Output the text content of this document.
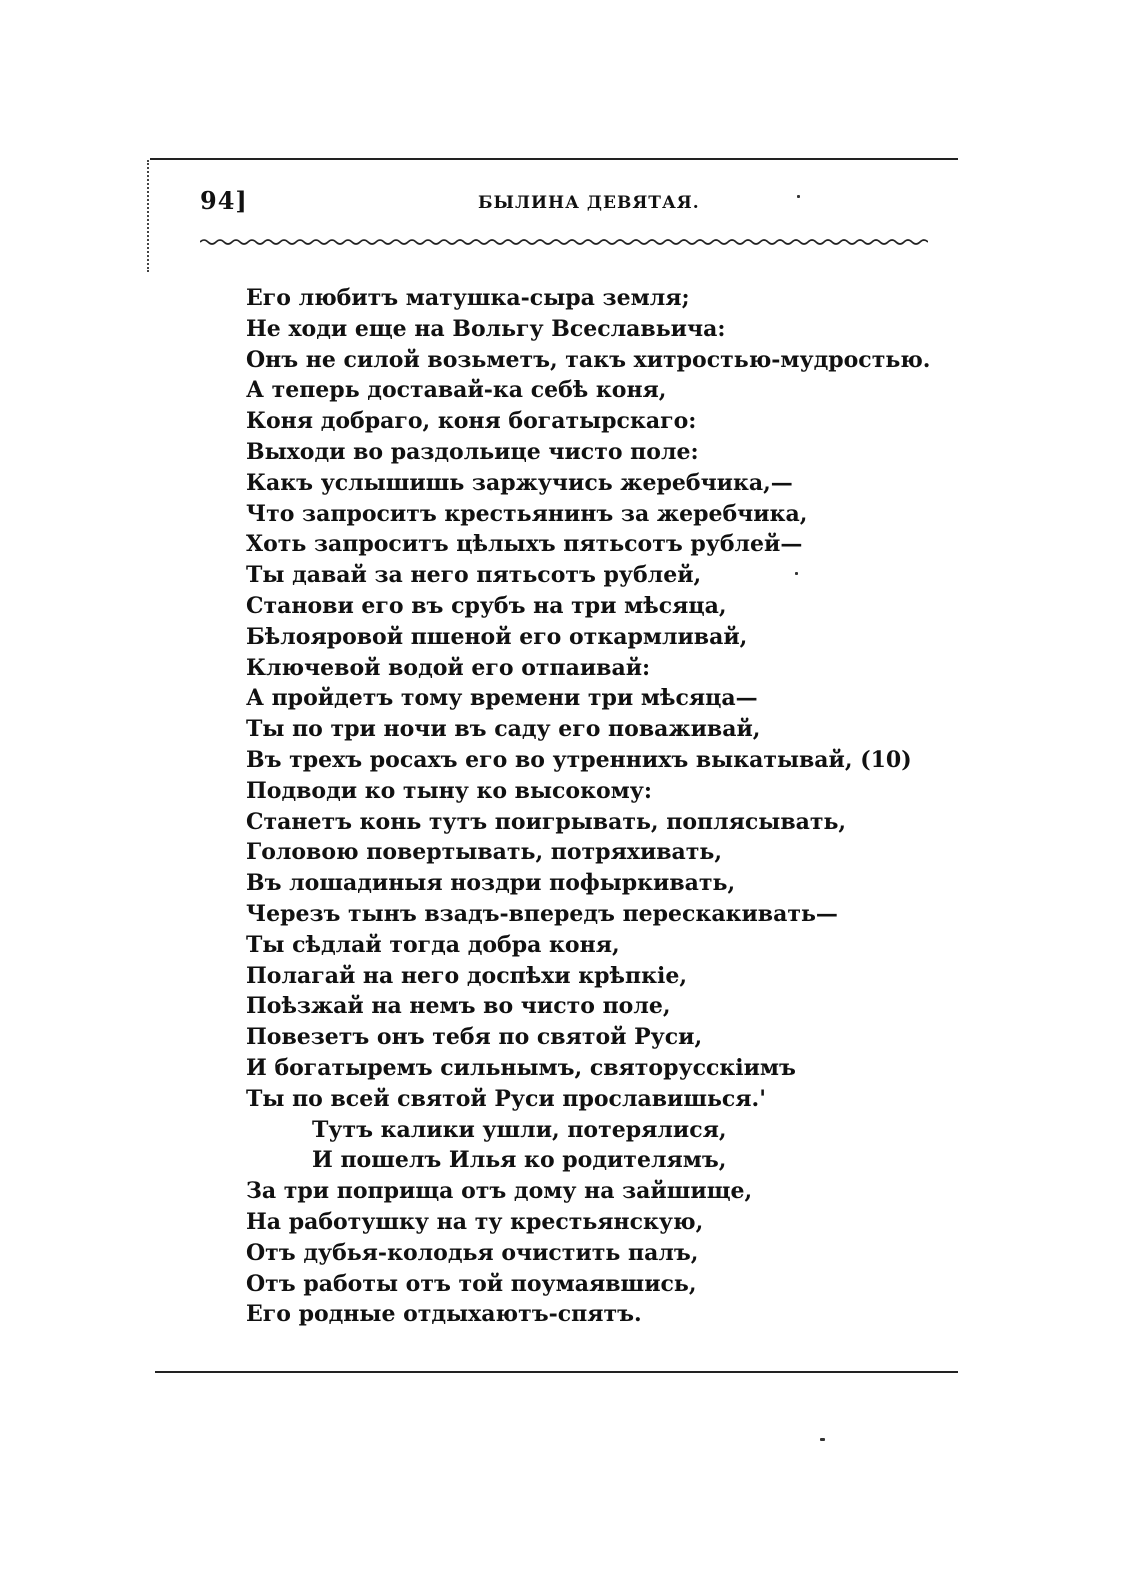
94]	БЫЛИНА ДЕВЯТАЯ.
Его любитъ матушка-сыра земля;
Не ходи еще на Вольгу Всеславьича:
Онъ не силой возьметъ, такъ хитростью-мудростью.
А теперь доставай-ка себѣ коня,
Коня добраго, коня богатырскаго:
Выходи во раздольице чисто поле:
Какъ услышишь заржучись жеребчика,—
Что запроситъ крестьянинъ за жеребчика,
Хоть запроситъ цѣлыхъ пятьсотъ рублей—
Ты давай за него пятьсотъ рублей,
Станови его въ срубъ на три мѣсяца,
Бѣлояровой пшеной его откармливай,
Ключевой водой его отпаивай:
А пройдетъ тому времени три мѣсяца—
Ты по три ночи въ саду его поваживай,
Въ трехъ росахъ его во утреннихъ выкатывай, (10)
Подводи ко тыну ко высокому:
Станетъ конь тутъ поигрывать, поплясывать,
Головою повертывать, потряхивать,
Въ лошадиныя ноздри пофыркивать,
Черезъ тынъ взадъ-впередъ перескакивать—
Ты сѣдлай тогда добра коня,
Полагай на него доспѣхи крѣпкіе,
Поѣзжай на немъ во чисто поле,
Повезетъ онъ тебя по святой Руси,
И богатыремъ сильнымъ, святорусскіимъ
Ты по всей святой Руси прославишься.'
Тутъ калики ушли, потерялися,
И пошелъ Илья ко родителямъ,
За три поприща отъ дому на зайшище,
На работушку на ту крестьянскую,
Отъ дубья-колодья очистить палъ,
Отъ работы отъ той поумаявшись,
Его родные отдыхаютъ-спятъ.
